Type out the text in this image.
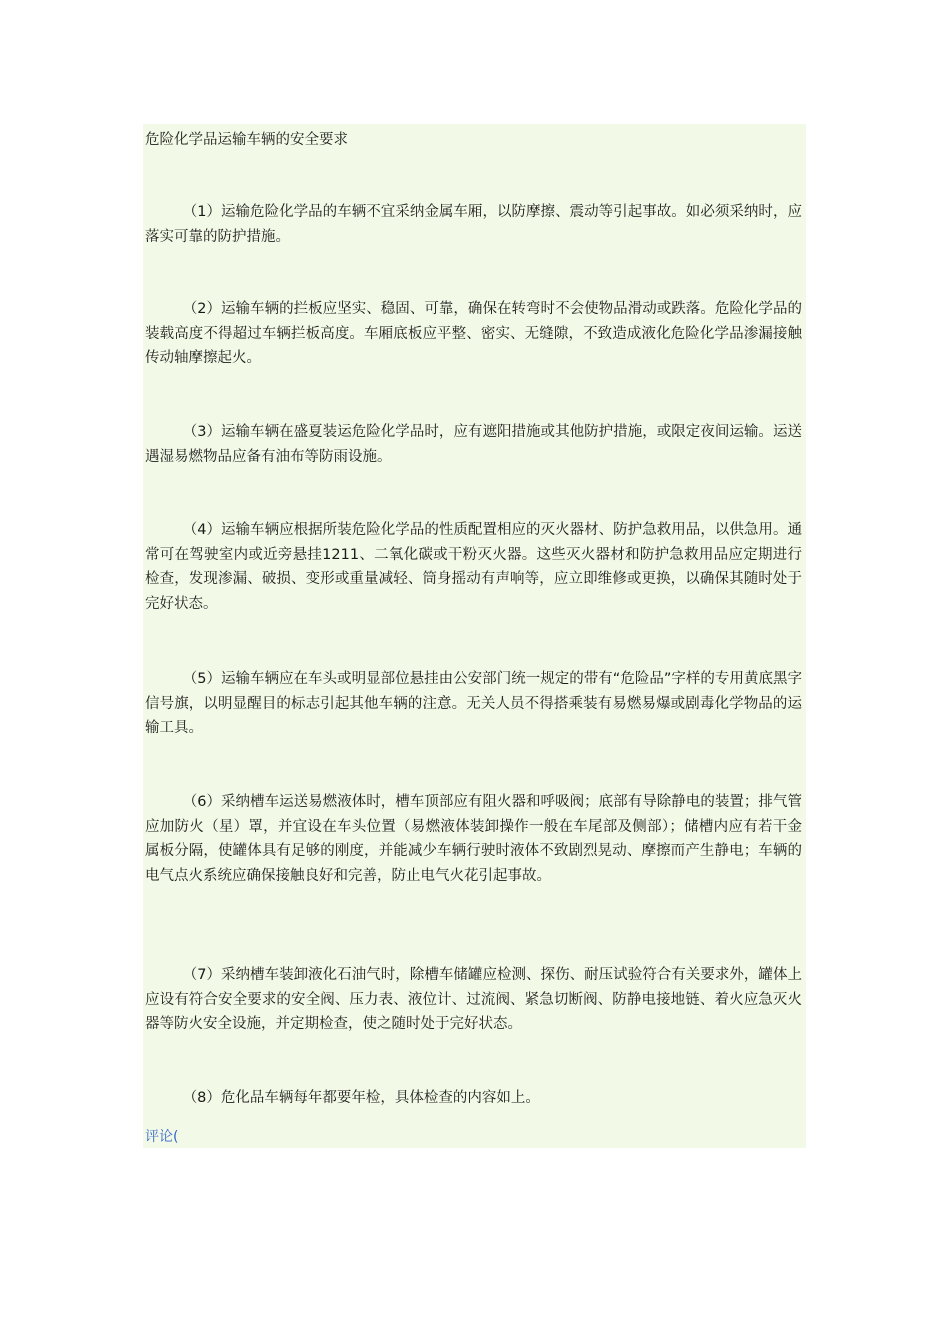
危险化学品运输车辆的安全要求

（1）运输危险化学品的车辆不宜采纳金属车厢，以防摩擦、震动等引起事故。如必须采纳时，应落实可靠的防护措施。

（2）运输车辆的拦板应坚实、稳固、可靠，确保在转弯时不会使物品滑动或跌落。危险化学品的装载高度不得超过车辆拦板高度。车厢底板应平整、密实、无缝隙，不致造成液化危险化学品渗漏接触传动轴摩擦起火。

（3）运输车辆在盛夏装运危险化学品时，应有遮阳措施或其他防护措施，或限定夜间运输。运送遇湿易燃物品应备有油布等防雨设施。

（4）运输车辆应根据所装危险化学品的性质配置相应的灭火器材、防护急救用品，以供急用。通常可在驾驶室内或近旁悬挂1211、二氧化碳或干粉灭火器。这些灭火器材和防护急救用品应定期进行检查，发现渗漏、破损、变形或重量减轻、筒身摇动有声响等，应立即维修或更换，以确保其随时处于完好状态。

（5）运输车辆应在车头或明显部位悬挂由公安部门统一规定的带有“危险品”字样的专用黄底黑字信号旗，以明显醒目的标志引起其他车辆的注意。无关人员不得搭乘装有易燃易爆或剧毒化学物品的运输工具。

（6）采纳槽车运送易燃液体时，槽车顶部应有阻火器和呼吸阀；底部有导除静电的装置；排气管应加防火（星）罩，并宜设在车头位置（易燃液体装卸操作一般在车尾部及侧部）；储槽内应有若干金属板分隔，使罐体具有足够的刚度，并能减少车辆行驶时液体不致剧烈晃动、摩擦而产生静电；车辆的电气点火系统应确保接触良好和完善，防止电气火花引起事故。

（7）采纳槽车装卸液化石油气时，除槽车储罐应检测、探伤、耐压试验符合有关要求外，罐体上应设有符合安全要求的安全阀、压力表、液位计、过流阀、紧急切断阀、防静电接地链、着火应急灭火器等防火安全设施，并定期检查，使之随时处于完好状态。

（8）危化品车辆每年都要年检，具体检查的内容如上。

评论(
